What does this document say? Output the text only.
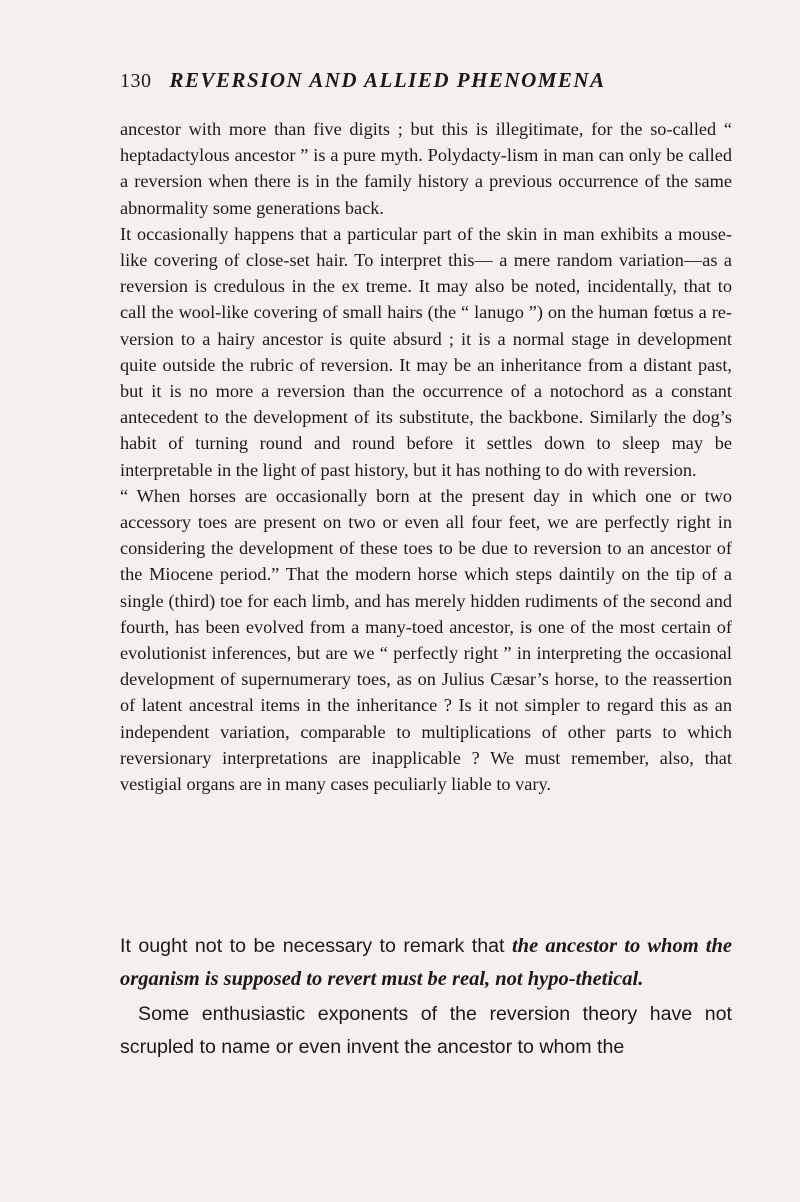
130 REVERSION AND ALLIED PHENOMENA

ancestor with more than five digits ; but this is illegitimate, for the so-called “ heptadactylous ancestor ” is a pure myth. Polydacty-lism in man can only be called a reversion when there is in the family history a previous occurrence of the same abnormality some generations back.

It occasionally happens that a particular part of the skin in man exhibits a mouse-like covering of close-set hair. To interpret this— a mere random variation—as a reversion is credulous in the ex treme. It may also be noted, incidentally, that to call the wool-like covering of small hairs (the “ lanugo ”) on the human fœtus a re-version to a hairy ancestor is quite absurd ; it is a normal stage in development quite outside the rubric of reversion. It may be an inheritance from a distant past, but it is no more a reversion than the occurrence of a notochord as a constant antecedent to the development of its substitute, the backbone. Similarly the dog’s habit of turning round and round before it settles down to sleep may be interpretable in the light of past history, but it has nothing to do with reversion.

“ When horses are occasionally born at the present day in which one or two accessory toes are present on two or even all four feet, we are perfectly right in considering the development of these toes to be due to reversion to an ancestor of the Miocene period.” That the modern horse which steps daintily on the tip of a single (third) toe for each limb, and has merely hidden rudiments of the second and fourth, has been evolved from a many-toed ancestor, is one of the most certain of evolutionist inferences, but are we “ perfectly right ” in interpreting the occasional development of supernumerary toes, as on Julius Cæsar’s horse, to the reassertion of latent ancestral items in the inheritance ? Is it not simpler to regard this as an independent variation, comparable to multiplications of other parts to which reversionary interpretations are inapplicable ? We must remember, also, that vestigial organs are in many cases peculiarly liable to vary.

It ought not to be necessary to remark that the ancestor to whom the organism is supposed to revert must be real, not hypo-thetical.

Some enthusiastic exponents of the reversion theory have not scrupled to name or even invent the ancestor to whom the
